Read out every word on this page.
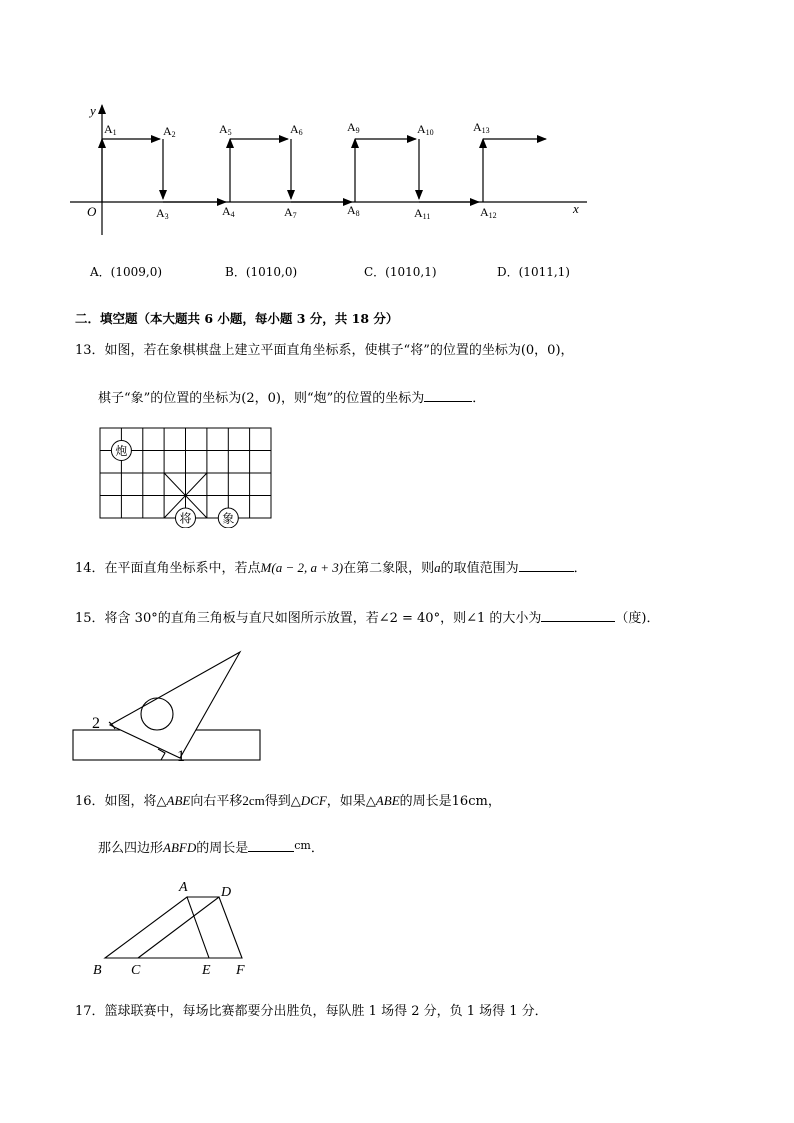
y
x
O
A1	A2	A5	A6	A9	A10	A13
A3	A4	A7	A8	A11	A12
A．(1009,0)	B．(1010,0)	C．(1010,1)	D．(1011,1)
二．填空题（本大题共 6 小题，每小题 3 分，共 18 分）
13．如图，若在象棋棋盘上建立平面直角坐标系，使棋子“将”的位置的坐标为(0，0)，
棋子“象”的位置的坐标为(2，0)，则“炮”的位置的坐标为	．
炮
将	象
14．在平面直角坐标系中，若点M(a − 2, a + 3)在第二象限，则a的取值范围为	．
15．将含 30°的直角三角板与直尺如图所示放置，若∠2 = 40°，则∠1 的大小为	（度)．
2
1
16．如图，将△ABE向右平移2cm得到△DCF，如果△ABE的周长是16cm，
那么四边形ABFD的周长是	$^{cm}$．
A D
B C	E F
17．篮球联赛中，每场比赛都要分出胜负，每队胜 1 场得 2 分，负 1 场得 1 分．
